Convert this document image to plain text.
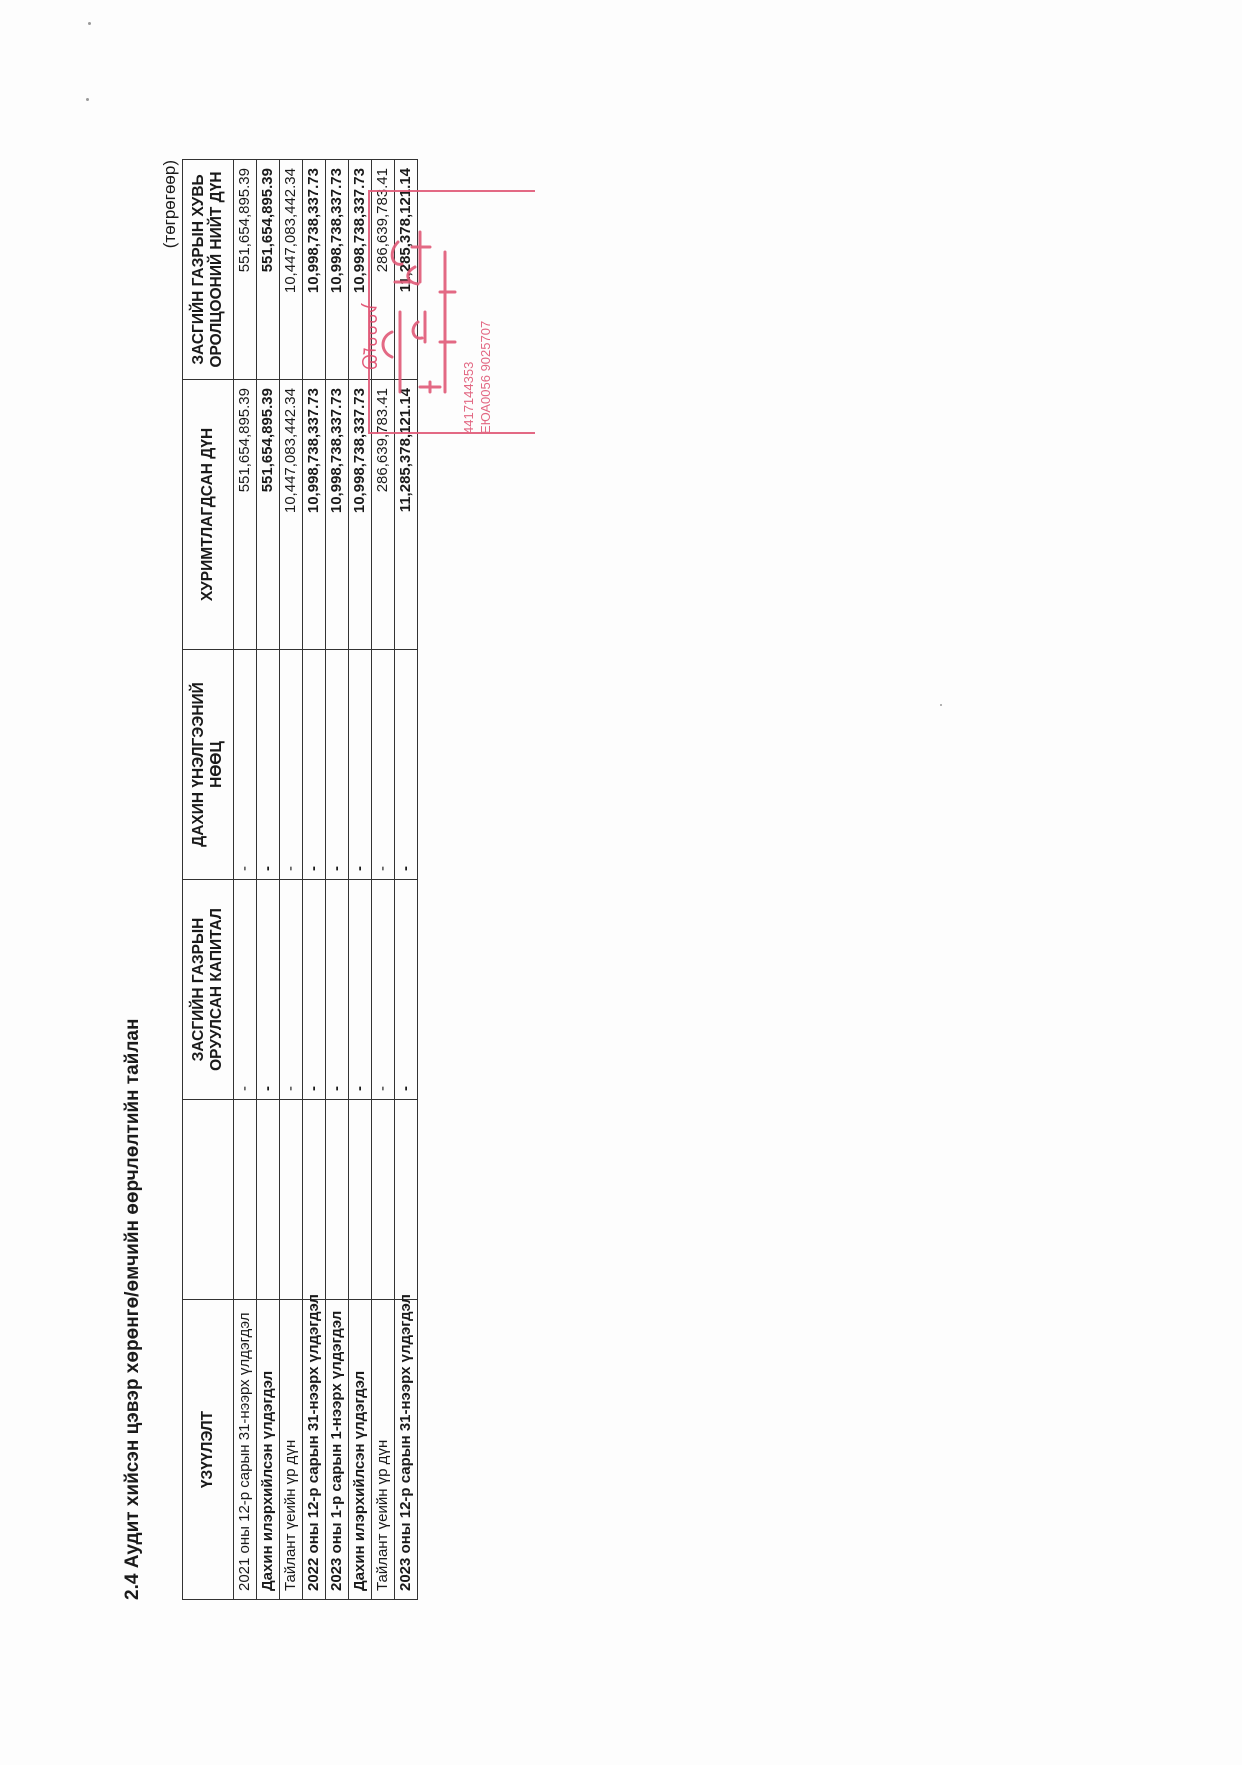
2.4 Аудит хийсэн цэвэр хөрөнгө/өмчийн өөрчлөлтийн тайлан
(төгрөгөөр)
ҮЗҮҮЛЭЛТ		ЗАСГИЙН ГАЗРЫН ОРУУЛСАН КАПИТАЛ	ДАХИН ҮНЭЛГЭЭНИЙ НӨӨЦ	ХУРИМТЛАГДСАН ДҮН	ЗАСГИЙН ГАЗРЫН ХУВЬ ОРОЛЦООНИЙ НИЙТ ДҮН
2021 оны 12-р сарын 31-нээрх үлдэгдэл		-	-	551,654,895.39	551,654,895.39
Дахин илэрхийлсэн үлдэгдэл		-	-	551,654,895.39	551,654,895.39
Тайлант үеийн үр дүн		-	-	10,447,083,442.34	10,447,083,442.34
2022 оны 12-р сарын 31-нээрх үлдэгдэл		-	-	10,998,738,337.73	10,998,738,337.73
2023 оны 1-р сарын 1-нээрх үлдэгдэл		-	-	10,998,738,337.73	10,998,738,337.73
Дахин илэрхийлсэн үлдэгдэл		-	-	10,998,738,337.73	10,998,738,337.73
Тайлант үеийн үр дүн		-	-	286,639,783.41	286,639,783.41
2023 оны 12-р сарын 31-нээрх үлдэгдэл		-	-	11,285,378,121.14	11,285,378,121.14
ᠪᠤᠯᠣᠣᠳ
4417144353 ЕЮА0056 9025707
